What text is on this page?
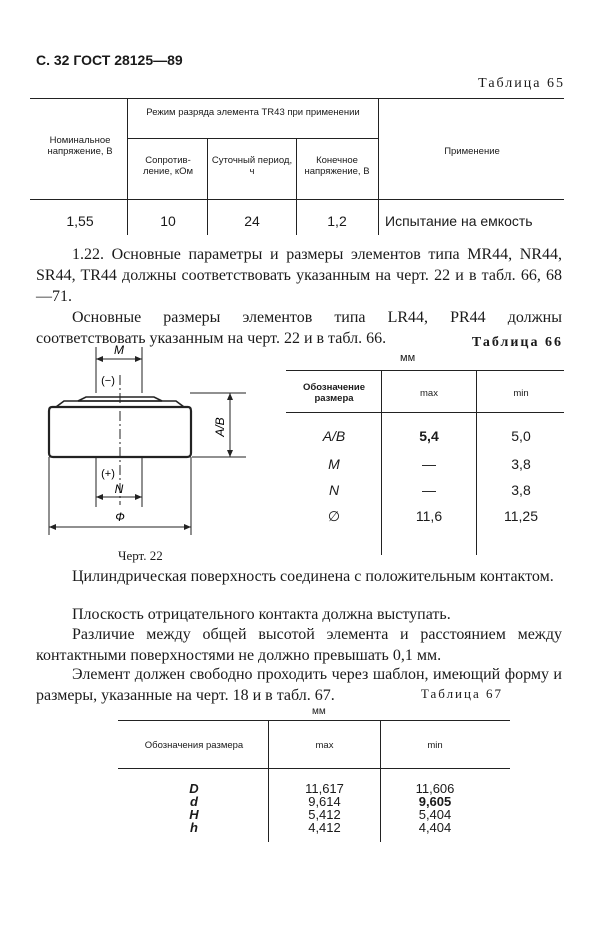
С. 32 ГОСТ 28125—89
Таблица 65
Номинальное напряжение, В
Режим разряда элемента TR43 при применении
Сопротив-ление, кОм
Суточный период, ч
Конечное напряжение, В
Применение
1,55	10	24	1,2	Испытание на емкость
1.22. Основные параметры и размеры элементов типа MR44, NR44, SR44, TR44 должны соответствовать указанным на черт. 22 и в табл. 66, 68—71.
Основные размеры элементов типа LR44, PR44 должны соответствовать указанным на черт. 22 и в табл. 66.
M
(−)
A/B
(+)
N
Ф
Черт. 22
Таблица 66
мм
Обозначение размера	max	min
A/B	5,4	5,0
M	—	3,8
N	—	3,8
∅	11,6	11,25
Цилиндрическая поверхность соединена с положительным контактом.
Плоскость отрицательного контакта должна выступать.
Различие между общей высотой элемента и расстоянием между контактными поверхностями не должно превышать 0,1 мм.
Элемент должен свободно проходить через шаблон, имеющий форму и размеры, указанные на черт. 18 и в табл. 67.	Таблица 67
мм
Обозначения размера	max	min
D	11,617	11,606
d	9,614	9,605
H	5,412	5,404
h	4,412	4,404
